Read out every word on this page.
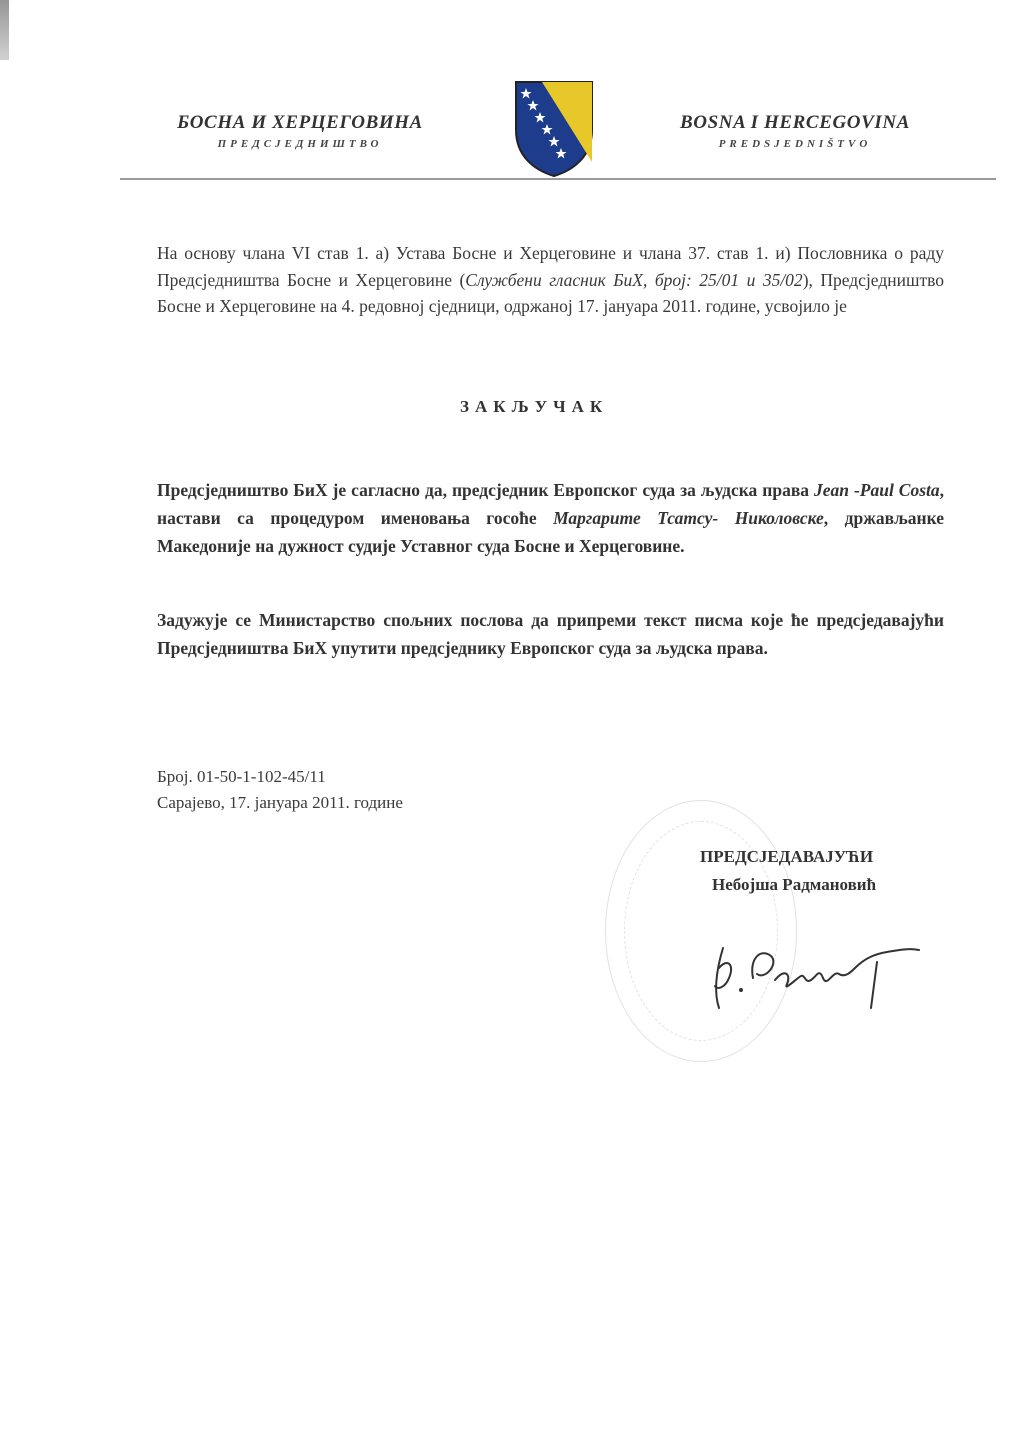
БОСНА И ХЕРЦЕГОВИНА
ПРЕДСЈЕДНИШТВО
BOSNA I HERCEGOVINA
PREDSJEDNIŠTVO
На основу члана VI став 1. а) Устава Босне и Херцеговине и члана 37. став 1. и) Пословника о раду Предсједништва Босне и Херцеговине (Службени гласник БиХ, број: 25/01 и 35/02), Предсједништво Босне и Херцеговине на 4. редовној сједници, одржаној 17. јануара 2011. године, усвојило је
ЗАКЉУЧАК
Предсједништво БиХ је сагласно да, предсједник Европског суда за људска права Jean -Paul Costa, настави са процедуром именовања госоће Маргарите Тсатсу- Николовске, држављанке Македоније на дужност судије Уставног суда Босне и Херцеговине.
Задужује се Министарство спољних послова да припреми текст писма које ће предсједавајући Предсједништва БиХ упутити предсједнику Европског суда за људска права.
Број. 01-50-1-102-45/11
Сарајево, 17. јануара 2011. године
ПРЕДСЈЕДАВАЈУЋИ
Небојша Радмановић
